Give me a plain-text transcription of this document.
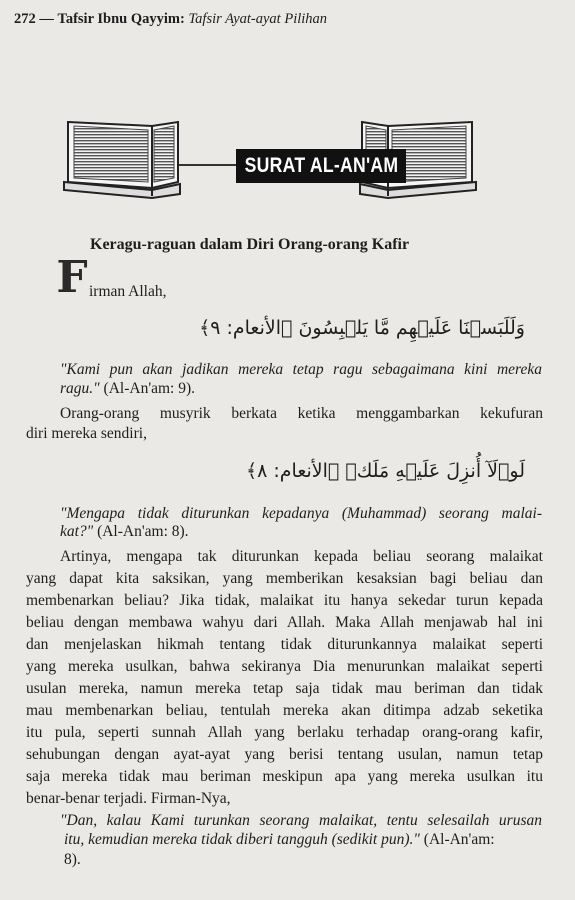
272 — Tafsir Ibnu Qayyim: Tafsir Ayat-ayat Pilihan
SURAT AL-AN'AM
Keragu-raguan dalam Diri Orang-orang Kafir
F irman Allah,
وَلَلَبَسۡنَا عَلَيۡهِم مَّا يَلۡبِسُونَ ﴿الأنعام: ٩﴾
"Kami pun akan jadikan mereka tetap ragu sebagaimana kini mereka
ragu." (Al-An'am: 9).
Orang-orang musyrik berkata ketika menggambarkan kekufuran
diri mereka sendiri,
لَوۡلَآ أُنزِلَ عَلَيۡهِ مَلَكٞ ﴿الأنعام: ٨﴾
"Mengapa tidak diturunkan kepadanya (Muhammad) seorang malai-
kat?" (Al-An'am: 8).
Artinya, mengapa tak diturunkan kepada beliau seorang malaikat
yang dapat kita saksikan, yang memberikan kesaksian bagi beliau dan
membenarkan beliau? Jika tidak, malaikat itu hanya sekedar turun kepada
beliau dengan membawa wahyu dari Allah. Maka Allah menjawab hal ini
dan menjelaskan hikmah tentang tidak diturunkannya malaikat seperti
yang mereka usulkan, bahwa sekiranya Dia menurunkan malaikat seperti
usulan mereka, namun mereka tetap saja tidak mau beriman dan tidak
mau membenarkan beliau, tentulah mereka akan ditimpa adzab seketika
itu pula, seperti sunnah Allah yang berlaku terhadap orang-orang kafir,
sehubungan dengan ayat-ayat yang berisi tentang usulan, namun tetap
saja mereka tidak mau beriman meskipun apa yang mereka usulkan itu
benar-benar terjadi. Firman-Nya,
"Dan, kalau Kami turunkan seorang malaikat, tentu selesailah urusan
itu, kemudian mereka tidak diberi tangguh (sedikit pun)." (Al-An'am:
8).
